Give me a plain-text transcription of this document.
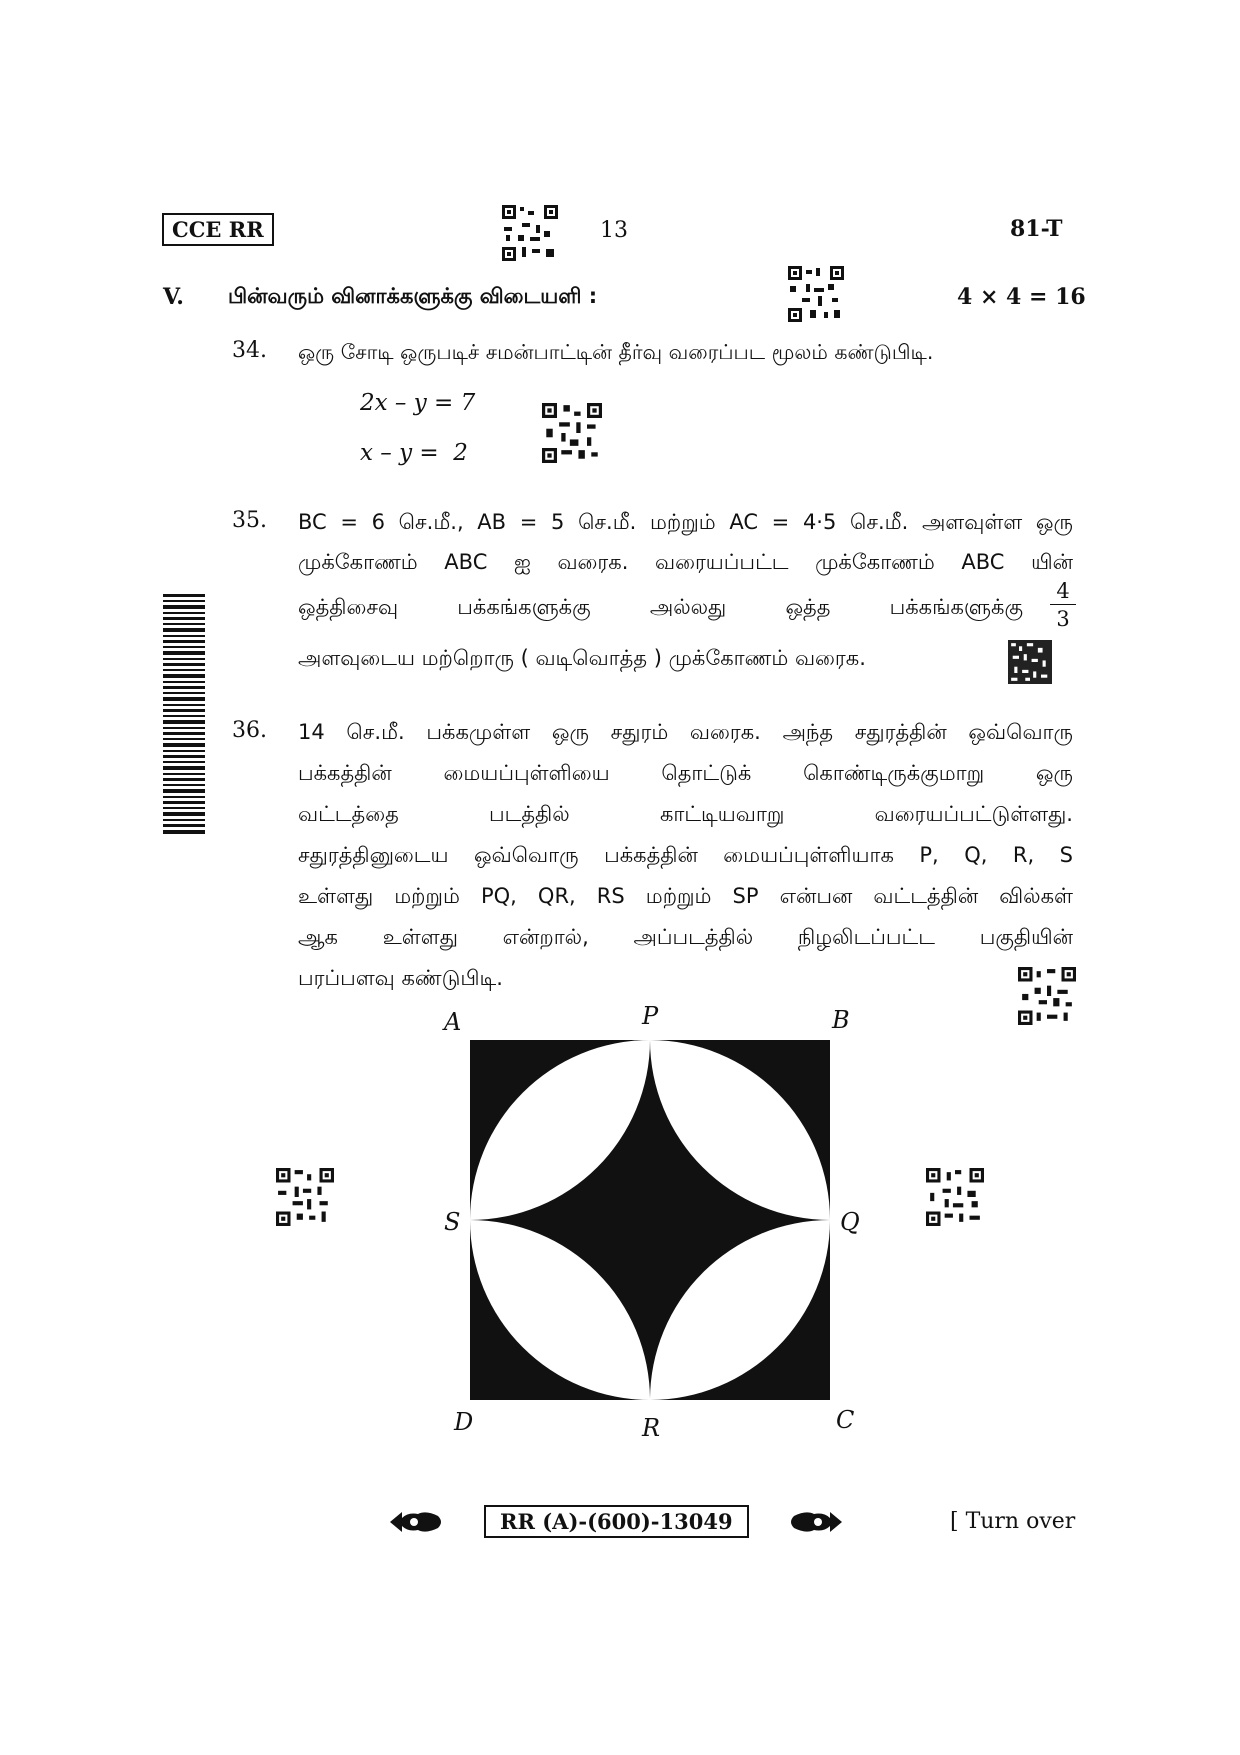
CCE RR	13	81-T
V. பின்வரும் வினாக்களுக்கு விடையளி :	4 × 4 = 16
34. ஒரு சோடி ஒருபடிச் சமன்பாட்டின் தீர்வு வரைப்பட மூலம் கண்டுபிடி.
2x – y = 7
x – y =  2
35. BC = 6 செ.மீ., AB = 5 செ.மீ. மற்றும் AC = 4·5 செ.மீ. அளவுள்ள ஒரு
முக்கோணம் ABC ஐ வரைக. வரையப்பட்ட முக்கோணம் ABC யின்
ஒத்திசைவு பக்கங்களுக்கு அல்லது ஒத்த பக்கங்களுக்கு $\frac{4}{3}$
அளவுடைய மற்றொரு ( வடிவொத்த ) முக்கோணம் வரைக.
36. 14 செ.மீ. பக்கமுள்ள ஒரு சதுரம் வரைக. அந்த சதுரத்தின் ஒவ்வொரு
பக்கத்தின் மையப்புள்ளியை தொட்டுக் கொண்டிருக்குமாறு ஒரு
வட்டத்தை படத்தில் காட்டியவாறு வரையப்பட்டுள்ளது.
சதுரத்தினுடைய ஒவ்வொரு பக்கத்தின் மையப்புள்ளியாக P, Q, R, S
உள்ளது மற்றும் PQ, QR, RS மற்றும் SP என்பன வட்டத்தின் வில்கள்
ஆக உள்ளது என்றால், அப்படத்தில் நிழலிடப்பட்ட பகுதியின்
பரப்பளவு கண்டுபிடி.
A	P	B
S	Q
D	R	C
RR (A)-(600)-13049	[ Turn over
